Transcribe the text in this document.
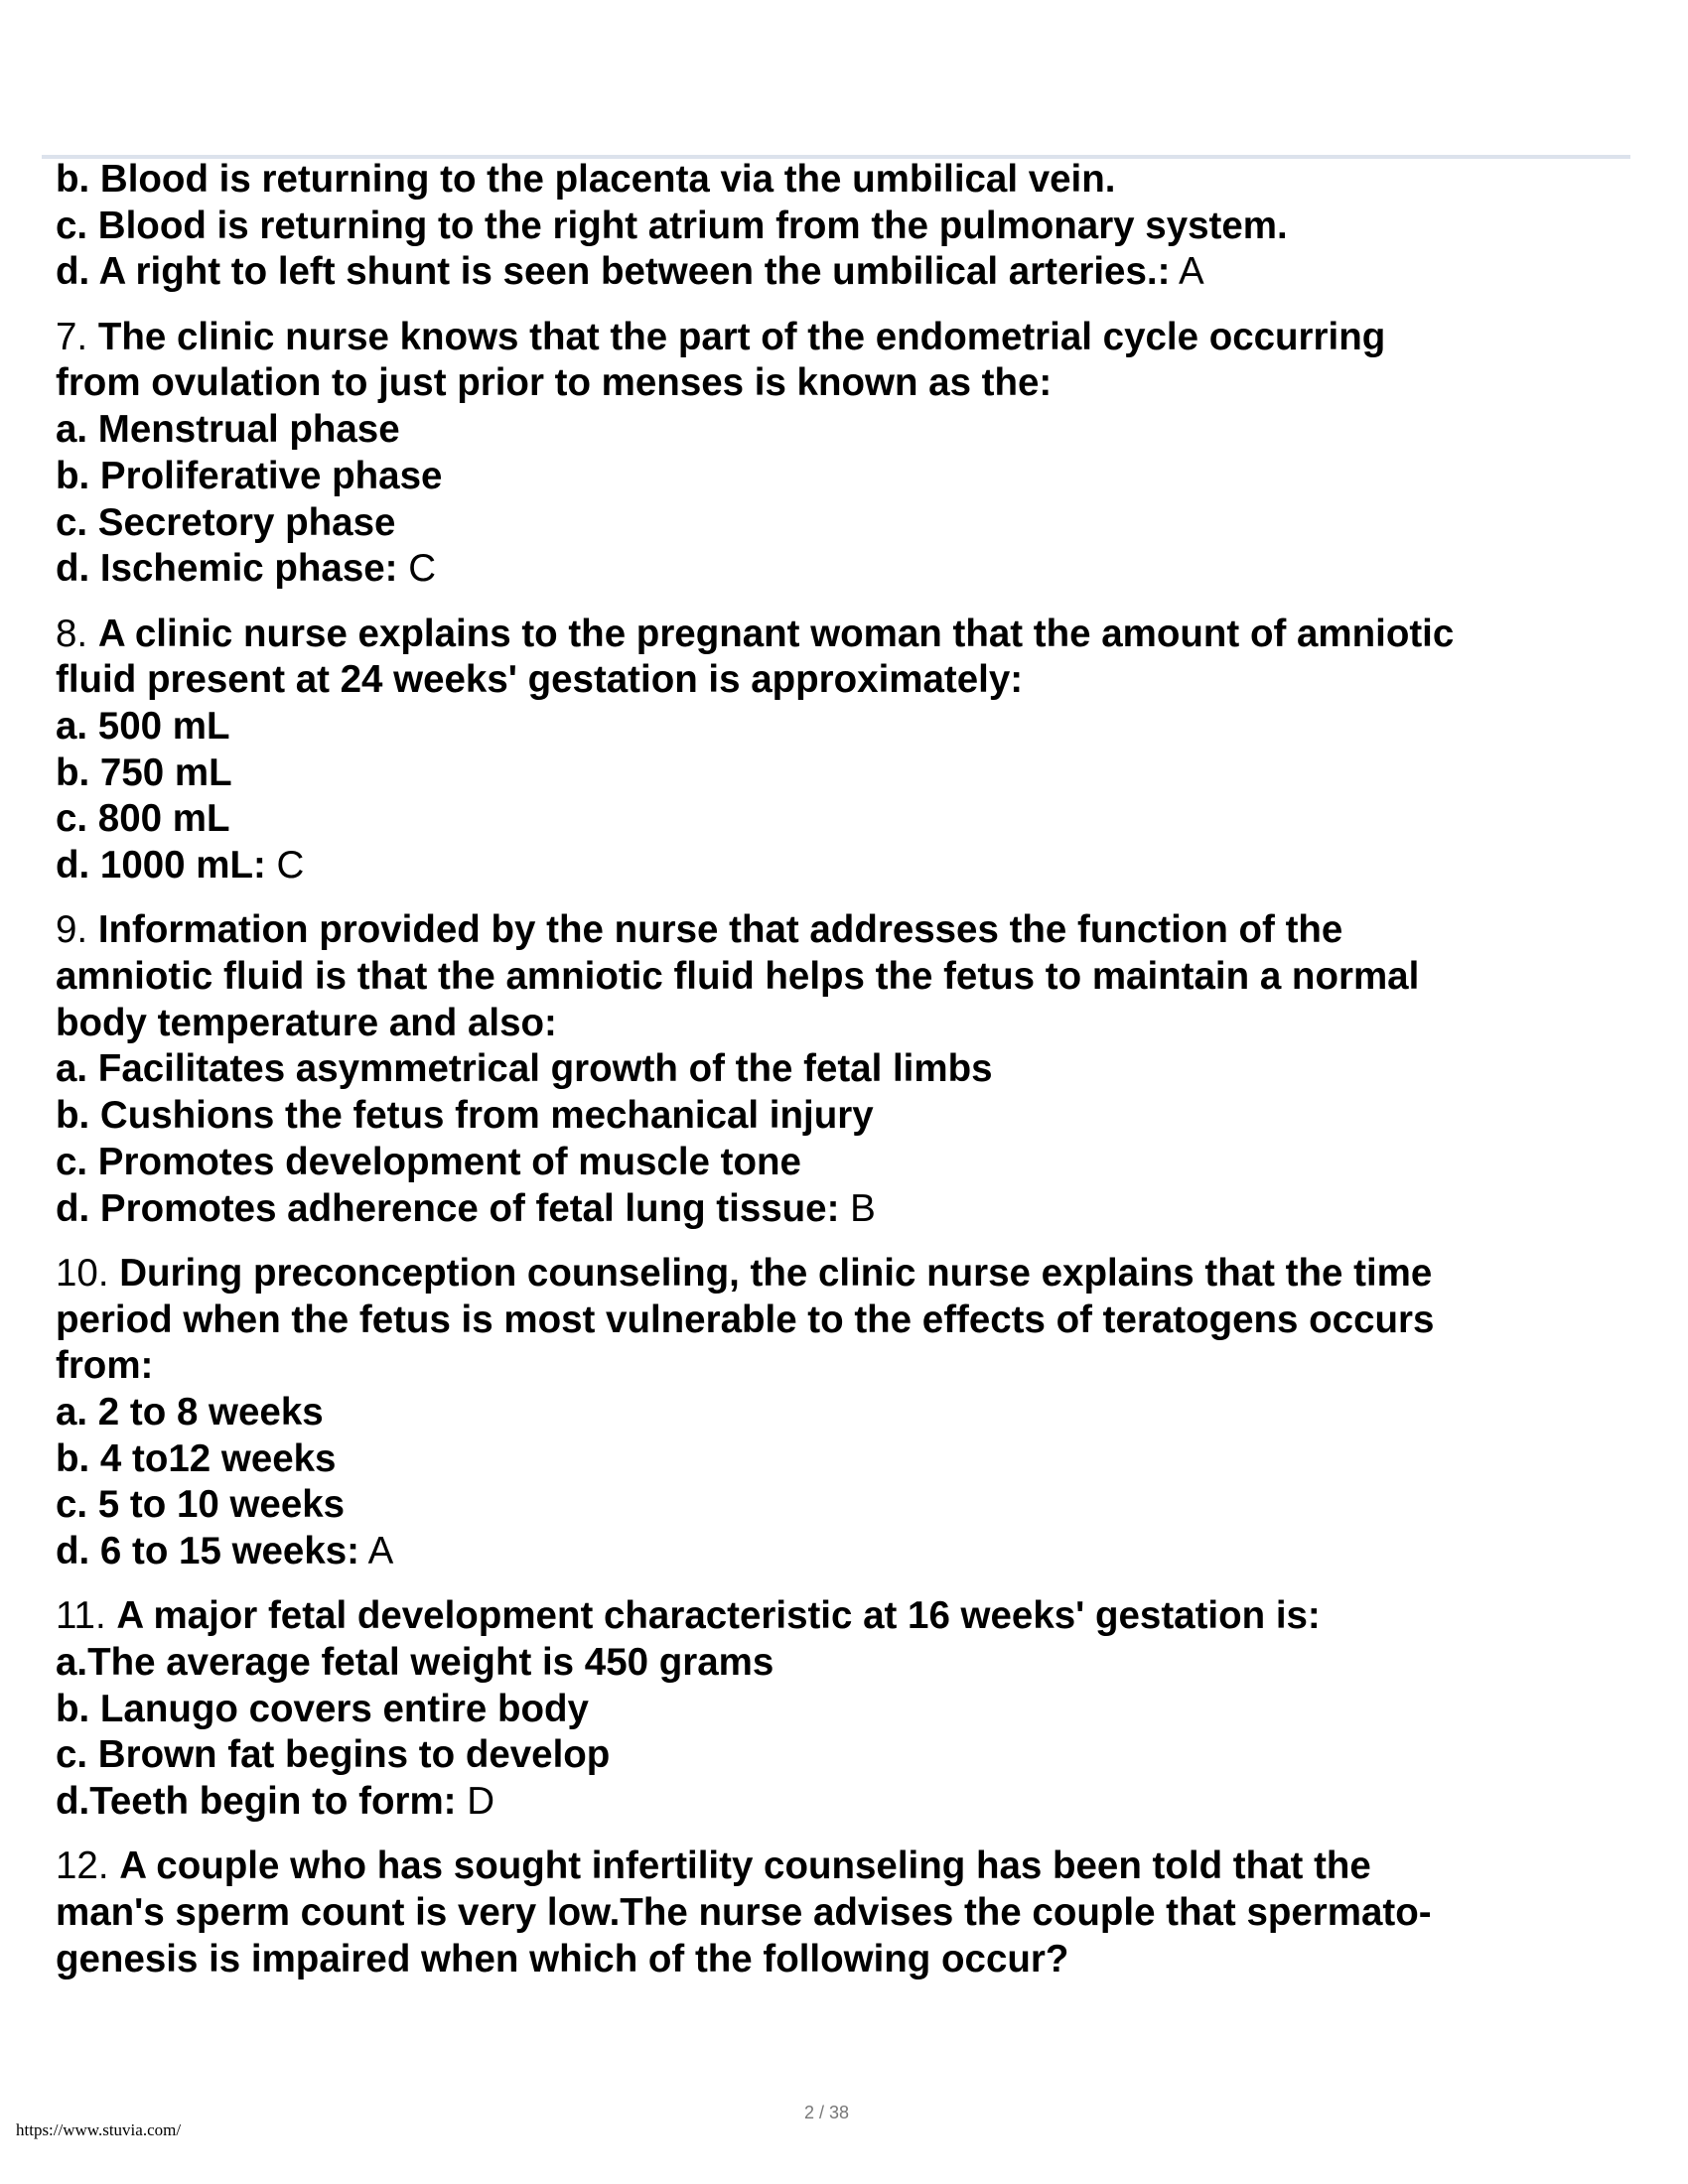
b. Blood is returning to the placenta via the umbilical vein.
c. Blood is returning to the right atrium from the pulmonary system.
d. A right to left shunt is seen between the umbilical arteries.: A
7. The clinic nurse knows that the part of the endometrial cycle occurring
from ovulation to just prior to menses is known as the:
a. Menstrual phase
b. Proliferative phase
c. Secretory phase
d. Ischemic phase: C
8. A clinic nurse explains to the pregnant woman that the amount of amniotic
fluid present at 24 weeks' gestation is approximately:
a. 500 mL
b. 750 mL
c. 800 mL
d. 1000 mL: C
9. Information provided by the nurse that addresses the function of the
amniotic fluid is that the amniotic fluid helps the fetus to maintain a normal
body temperature and also:
a. Facilitates asymmetrical growth of the fetal limbs
b. Cushions the fetus from mechanical injury
c. Promotes development of muscle tone
d. Promotes adherence of fetal lung tissue: B
10. During preconception counseling, the clinic nurse explains that the time
period when the fetus is most vulnerable to the effects of teratogens occurs
from:
a. 2 to 8 weeks
b. 4 to12 weeks
c. 5 to 10 weeks
d. 6 to 15 weeks: A
11. A major fetal development characteristic at 16 weeks' gestation is:
a.The average fetal weight is 450 grams
b. Lanugo covers entire body
c. Brown fat begins to develop
d.Teeth begin to form: D
12. A couple who has sought infertility counseling has been told that the
man's sperm count is very low.The nurse advises the couple that spermato-
genesis is impaired when which of the following occur?
https://www.stuvia.com/
2 / 38
